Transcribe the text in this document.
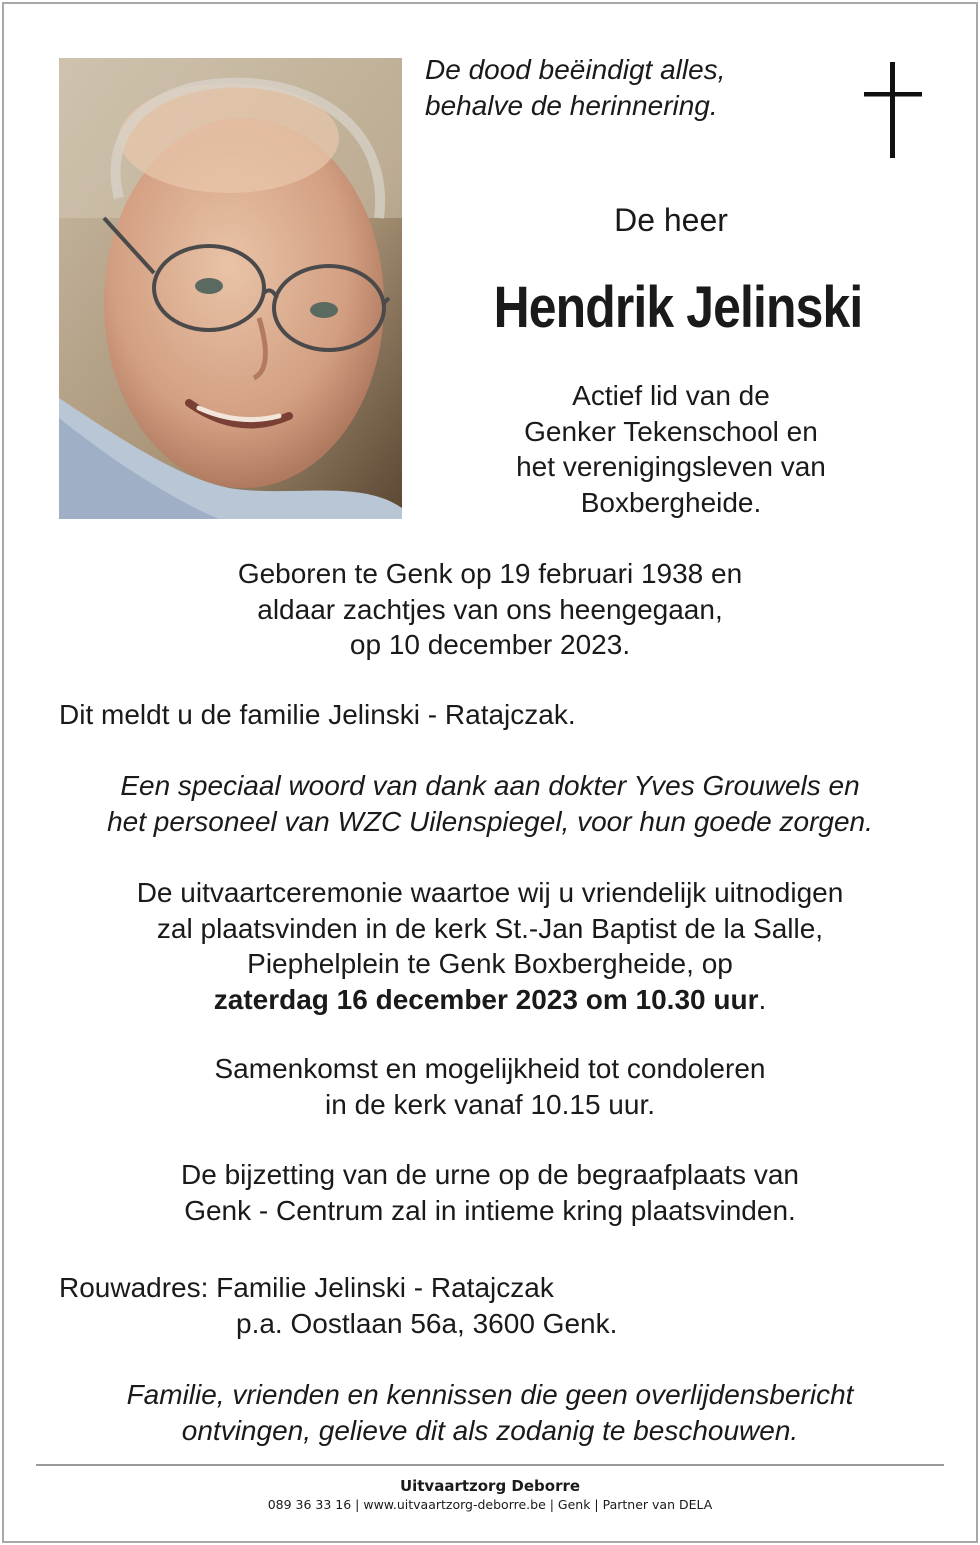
De dood beëindigt alles,
behalve de herinnering.
De heer
Hendrik Jelinski
Actief lid van de
Genker Tekenschool en
het verenigingsleven van
Boxbergheide.
Geboren te Genk op 19 februari 1938 en
aldaar zachtjes van ons heengegaan,
op 10 december 2023.
Dit meldt u de familie Jelinski - Ratajczak.
Een speciaal woord van dank aan dokter Yves Grouwels en
het personeel van WZC Uilenspiegel, voor hun goede zorgen.
De uitvaartceremonie waartoe wij u vriendelijk uitnodigen
zal plaatsvinden in de kerk St.-Jan Baptist de la Salle,
Piephelplein te Genk Boxbergheide, op
zaterdag 16 december 2023 om 10.30 uur.
Samenkomst en mogelijkheid tot condoleren
in de kerk vanaf 10.15 uur.
De bijzetting van de urne op de begraafplaats van
Genk - Centrum zal in intieme kring plaatsvinden.
Rouwadres: Familie Jelinski - Ratajczak
p.a. Oostlaan 56a, 3600 Genk.
Familie, vrienden en kennissen die geen overlijdensbericht
ontvingen, gelieve dit als zodanig te beschouwen.
Uitvaartzorg Deborre
089 36 33 16 | www.uitvaartzorg-deborre.be | Genk | Partner van DELA
